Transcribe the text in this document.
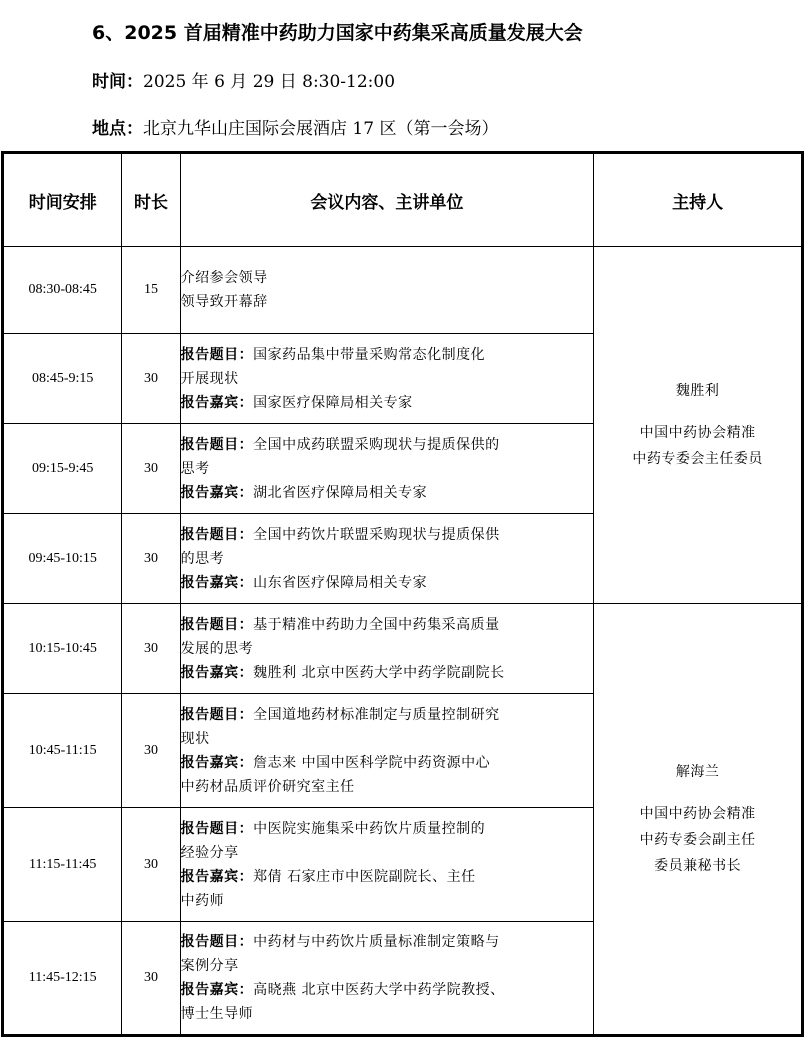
6、2025 首届精准中药助力国家中药集采高质量发展大会
时间：2025 年 6 月 29 日 8:30-12:00
地点：北京九华山庄国际会展酒店 17 区（第一会场）
时间安排	时长	会议内容、主讲单位	主持人
08:30-08:45	15	介绍参会领导
领导致开幕辞	魏胜利
中国中药协会精准
中药专委会主任委员

08:45-9:15	30	报告题目：国家药品集中带量采购常态化制度化
开展现状
报告嘉宾：国家医疗保障局相关专家	

09:15-9:45	30	报告题目：全国中成药联盟采购现状与提质保供的
思考
报告嘉宾：湖北省医疗保障局相关专家	

09:45-10:15	30	报告题目：全国中药饮片联盟采购现状与提质保供
的思考
报告嘉宾：山东省医疗保障局相关专家	

10:15-10:45	30	报告题目：基于精准中药助力全国中药集采高质量
发展的思考
报告嘉宾：魏胜利 北京中医药大学中药学院副院长	解海兰
中国中药协会精准
中药专委会副主任
委员兼秘书长

10:45-11:15	30	报告题目：全国道地药材标准制定与质量控制研究
现状
报告嘉宾：詹志来 中国中医科学院中药资源中心
中药材品质评价研究室主任	

11:15-11:45	30	报告题目：中医院实施集采中药饮片质量控制的
经验分享
报告嘉宾：郑倩 石家庄市中医院副院长、主任
中药师	

11:45-12:15	30	报告题目：中药材与中药饮片质量标准制定策略与
案例分享
报告嘉宾：高晓燕 北京中医药大学中药学院教授、
博士生导师	
